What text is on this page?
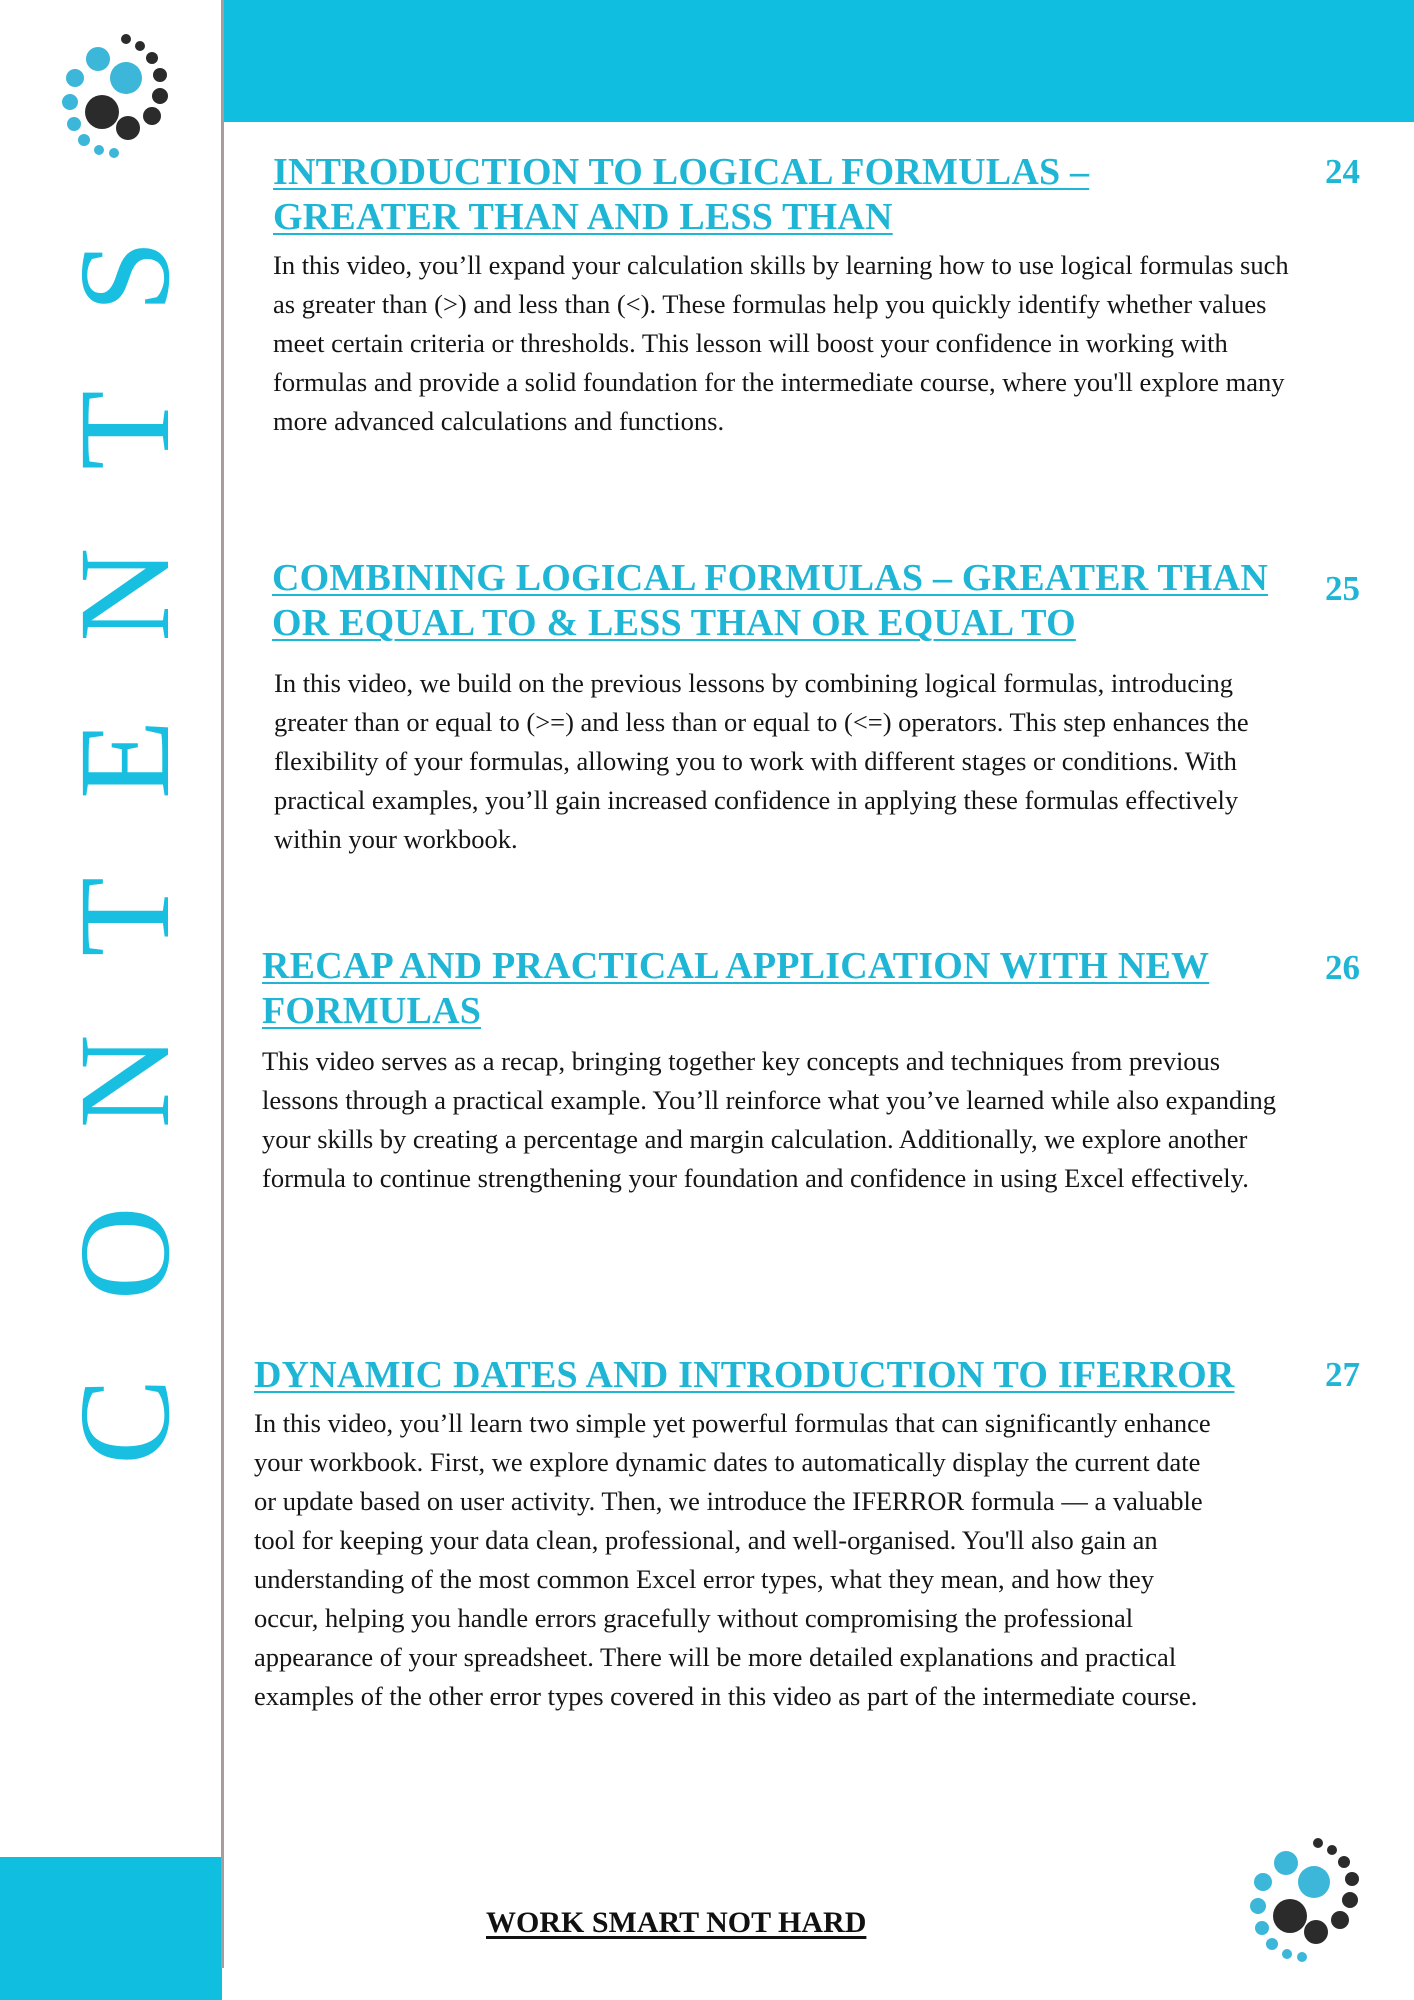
CONTENTS INTRODUCTION TO LOGICAL FORMULAS – GREATER THAN AND LESS THAN

In this video, you’ll expand your calculation skills by learning how to use logical formulas such as greater than (>) and less than (<). These formulas help you quickly identify whether values meet certain criteria or thresholds. This lesson will boost your confidence in working with formulas and provide a solid foundation for the intermediate course, where you'll explore many more advanced calculations and functions.

24
COMBINING LOGICAL FORMULAS – GREATER THAN OR EQUAL TO & LESS THAN OR EQUAL TO

In this video, we build on the previous lessons by combining logical formulas, introducing greater than or equal to (>=) and less than or equal to (<=) operators. This step enhances the flexibility of your formulas, allowing you to work with different stages or conditions. With practical examples, you’ll gain increased confidence in applying these formulas effectively within your workbook.

25
RECAP AND PRACTICAL APPLICATION WITH NEW FORMULAS

This video serves as a recap, bringing together key concepts and techniques from previous lessons through a practical example. You’ll reinforce what you’ve learned while also expanding your skills by creating a percentage and margin calculation. Additionally, we explore another formula to continue strengthening your foundation and confidence in using Excel effectively.

26
DYNAMIC DATES AND INTRODUCTION TO IFERROR

In this video, you’ll learn two simple yet powerful formulas that can significantly enhance your workbook. First, we explore dynamic dates to automatically display the current date or update based on user activity. Then, we introduce the IFERROR formula — a valuable tool for keeping your data clean, professional, and well-organised. You'll also gain an understanding of the most common Excel error types, what they mean, and how they occur, helping you handle errors gracefully without compromising the professional appearance of your spreadsheet. There will be more detailed explanations and practical examples of the other error types covered in this video as part of the intermediate course.

27
WORK SMART NOT HARD
